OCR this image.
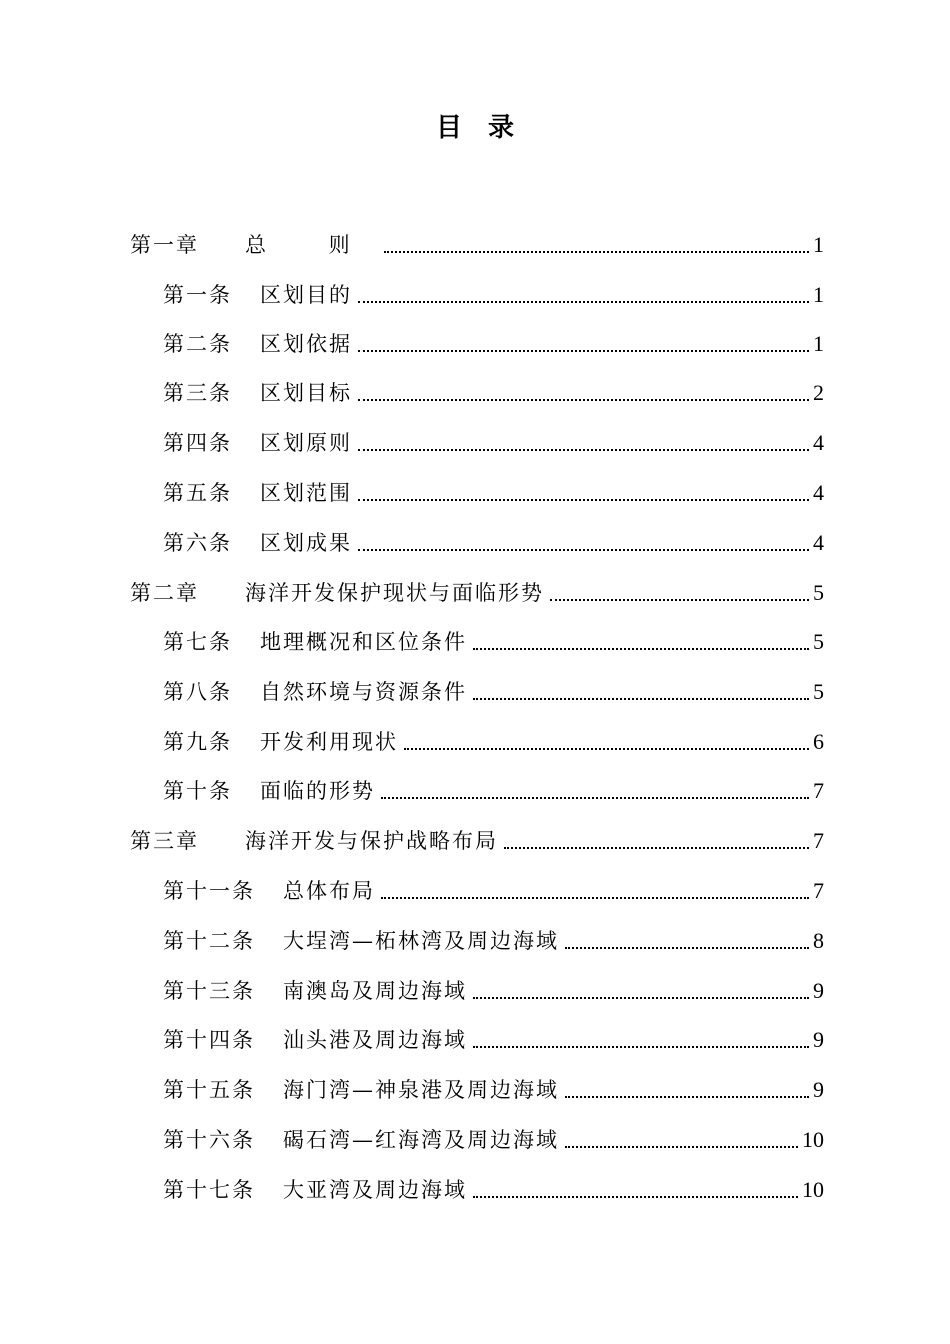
目 录
第一章 总 则	1
第一条 区划目的	1
第二条 区划依据	1
第三条 区划目标	2
第四条 区划原则	4
第五条 区划范围	4
第六条 区划成果	4
第二章 海洋开发保护现状与面临形势	5
第七条 地理概况和区位条件	5
第八条 自然环境与资源条件	5
第九条 开发利用现状	6
第十条 面临的形势	7
第三章 海洋开发与保护战略布局	7
第十一条 总体布局	7
第十二条 大埕湾—柘林湾及周边海域	8
第十三条 南澳岛及周边海域	9
第十四条 汕头港及周边海域	9
第十五条 海门湾—神泉港及周边海域	9
第十六条 碣石湾—红海湾及周边海域	10
第十七条 大亚湾及周边海域	10
